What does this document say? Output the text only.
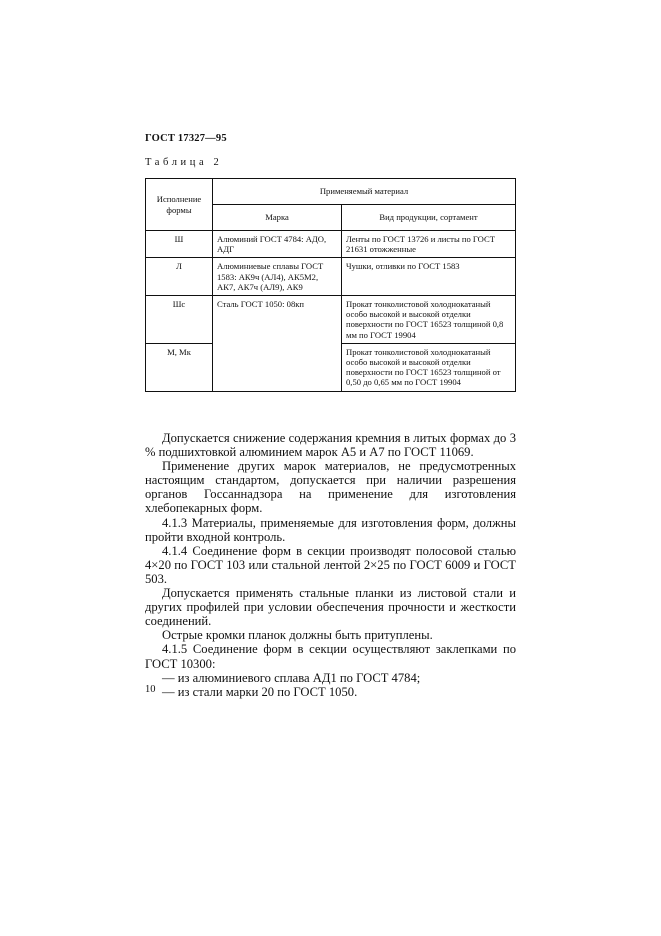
ГОСТ 17327—95
Таблица 2
Исполнение формы	Применяемый материал	
	Марка	Вид продукции, сортамент
Ш	Алюминий ГОСТ 4784: АДО, АДГ	Ленты по ГОСТ 13726 и листы по ГОСТ 21631 отожженные
Л	Алюминиевые сплавы ГОСТ 1583: АК9ч (АЛ4), АК5М2, АК7, АК7ч (АЛ9), АК9	Чушки, отливки по ГОСТ 1583
Шс	Сталь ГОСТ 1050: 08кп	Прокат тонколистовой холоднокатаный особо высокой и высокой отделки поверхности по ГОСТ 16523 толщиной 0,8 мм по ГОСТ 19904
М, Мк		Прокат тонколистовой холоднокатаный особо высокой и высокой отделки поверхности по ГОСТ 16523 толщиной от 0,50 до 0,65 мм по ГОСТ 19904

Допускается снижение содержания кремния в литых формах до 3 % подшихтовкой алюминием марок А5 и А7 по ГОСТ 11069.

Применение других марок материалов, не предусмотренных настоящим стандартом, допускается при наличии разрешения органов Госсаннадзора на применение для изготовления хлебопекарных форм.

4.1.3 Материалы, применяемые для изготовления форм, должны пройти входной контроль.

4.1.4 Соединение форм в секции производят полосовой сталью 4×20 по ГОСТ 103 или стальной лентой 2×25 по ГОСТ 6009 и ГОСТ 503.

Допускается применять стальные планки из листовой стали и других профилей при условии обеспечения прочности и жесткости соединений.

Острые кромки планок должны быть притуплены.

4.1.5 Соединение форм в секции осуществляют заклепками по ГОСТ 10300:

— из алюминиевого сплава АД1 по ГОСТ 4784;

— из стали марки 20 по ГОСТ 1050.

10
